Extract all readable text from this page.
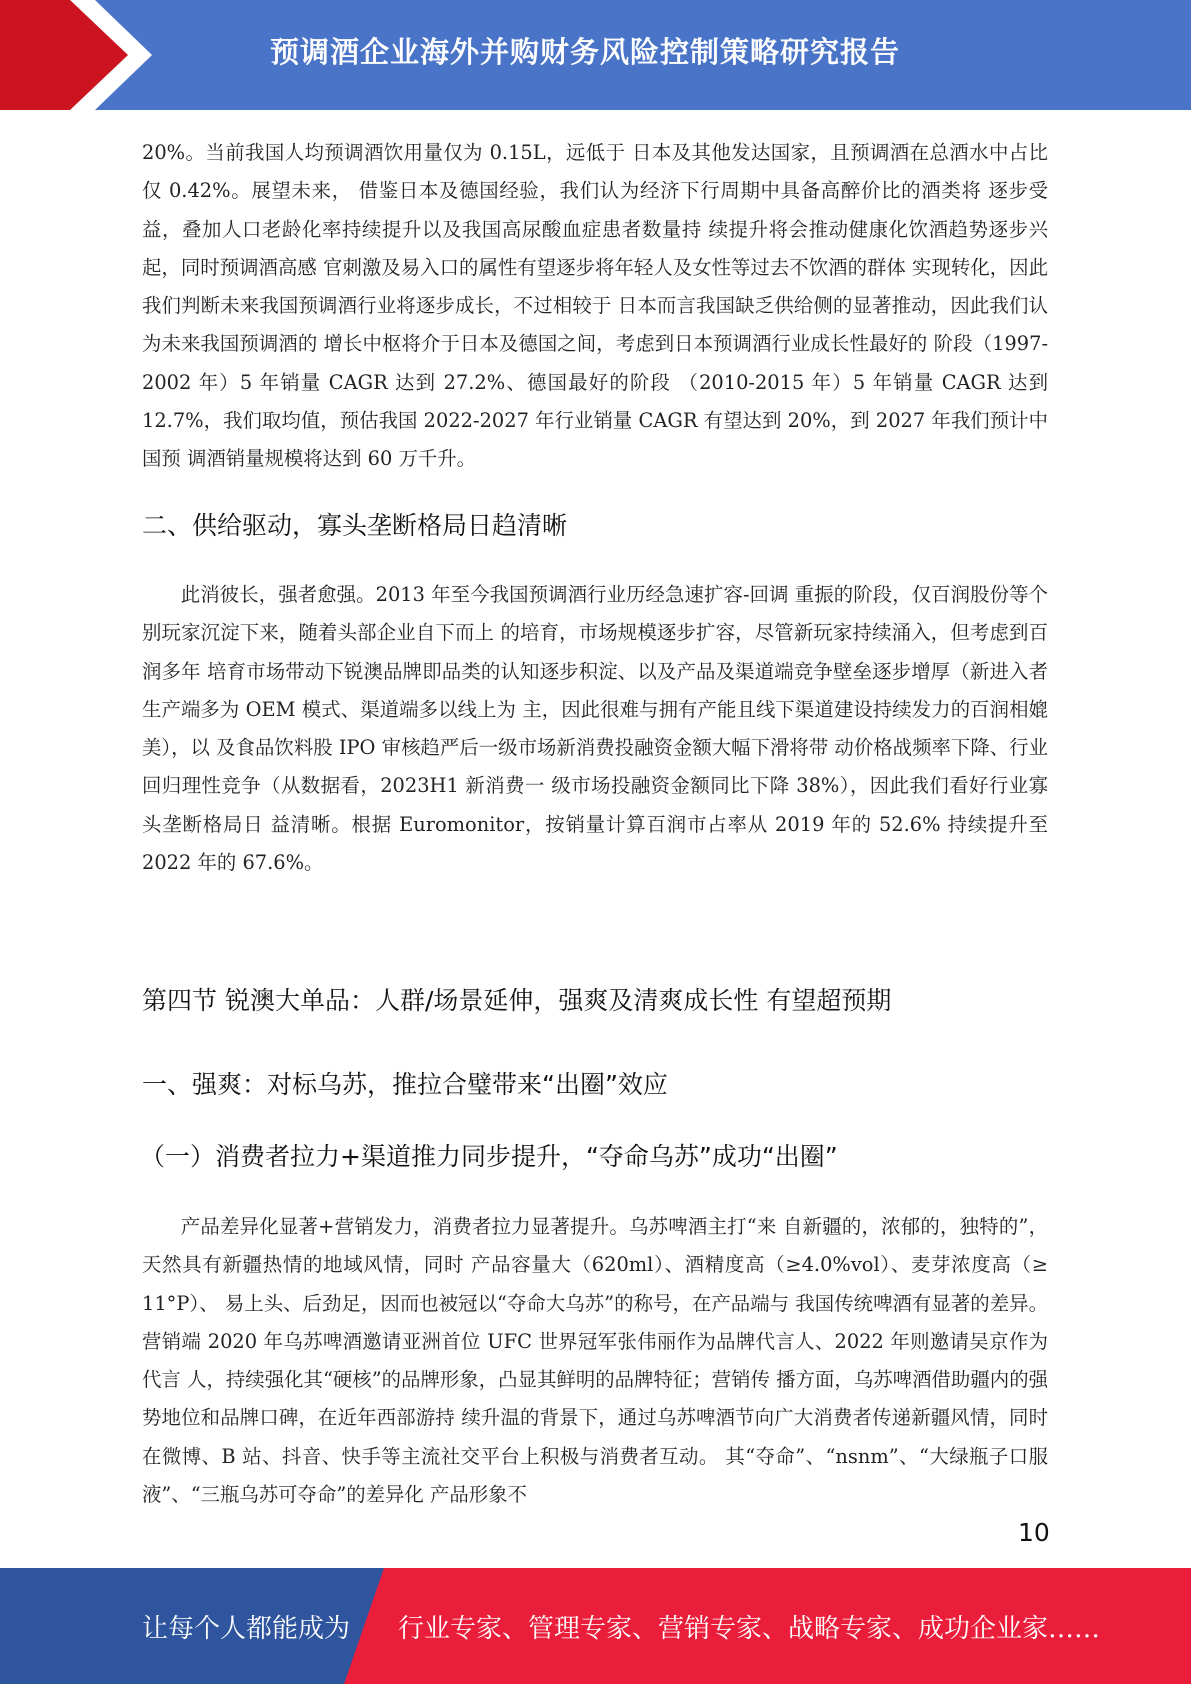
预调酒企业海外并购财务风险控制策略研究报告

20%。当前我国人均预调酒饮用量仅为 0.15L，远低于 日本及其他发达国家，且预调酒在总酒水中占比仅 0.42%。展望未来， 借鉴日本及德国经验，我们认为经济下行周期中具备高醉价比的酒类将 逐步受益，叠加人口老龄化率持续提升以及我国高尿酸血症患者数量持 续提升将会推动健康化饮酒趋势逐步兴起，同时预调酒高感 官刺激及易入口的属性有望逐步将年轻人及女性等过去不饮酒的群体 实现转化，因此我们判断未来我国预调酒行业将逐步成长，不过相较于 日本而言我国缺乏供给侧的显著推动，因此我们认为未来我国预调酒的 增长中枢将介于日本及德国之间，考虑到日本预调酒行业成长性最好的 阶段（1997-2002 年）5 年销量 CAGR 达到 27.2%、德国最好的阶段 （2010-2015 年）5 年销量 CAGR 达到 12.7%，我们取均值，预估我国 2022-2027 年行业销量 CAGR 有望达到 20%，到 2027 年我们预计中国预 调酒销量规模将达到 60 万千升。

二、供给驱动，寡头垄断格局日趋清晰

此消彼长，强者愈强。2013 年至今我国预调酒行业历经急速扩容-回调 重振的阶段，仅百润股份等个别玩家沉淀下来，随着头部企业自下而上 的培育，市场规模逐步扩容，尽管新玩家持续涌入，但考虑到百润多年 培育市场带动下锐澳品牌即品类的认知逐步积淀、以及产品及渠道端竞争壁垒逐步增厚（新进入者生产端多为 OEM 模式、渠道端多以线上为 主，因此很难与拥有产能且线下渠道建设持续发力的百润相媲美），以 及食品饮料股 IPO 审核趋严后一级市场新消费投融资金额大幅下滑将带 动价格战频率下降、行业回归理性竞争（从数据看，2023H1 新消费一 级市场投融资金额同比下降 38%），因此我们看好行业寡头垄断格局日 益清晰。根据 Euromonitor，按销量计算百润市占率从 2019 年的 52.6% 持续提升至 2022 年的 67.6%。

第四节 锐澳大单品：人群/场景延伸，强爽及清爽成长性 有望超预期
一、强爽：对标乌苏，推拉合璧带来“出圈”效应
（一）消费者拉力+渠道推力同步提升，“夺命乌苏”成功“出圈”

产品差异化显著+营销发力，消费者拉力显著提升。乌苏啤酒主打“来 自新疆的，浓郁的，独特的”，天然具有新疆热情的地域风情，同时 产品容量大（620ml）、酒精度高（≥4.0%vol）、麦芽浓度高（≥ 11°P）、 易上头、后劲足，因而也被冠以“夺命大乌苏”的称号，在产品端与 我国传统啤酒有显著的差异。营销端 2020 年乌苏啤酒邀请亚洲首位 UFC 世界冠军张伟丽作为品牌代言人、2022 年则邀请吴京作为代言 人，持续强化其“硬核”的品牌形象，凸显其鲜明的品牌特征；营销传 播方面，乌苏啤酒借助疆内的强势地位和品牌口碑，在近年西部游持 续升温的背景下，通过乌苏啤酒节向广大消费者传递新疆风情，同时 在微博、B 站、抖音、快手等主流社交平台上积极与消费者互动。 其“夺命”、“nsnm”、“大绿瓶子口服液”、“三瓶乌苏可夺命”的差异化 产品形象不

10
让每个人都能成为 行业专家、管理专家、营销专家、战略专家、成功企业家……
